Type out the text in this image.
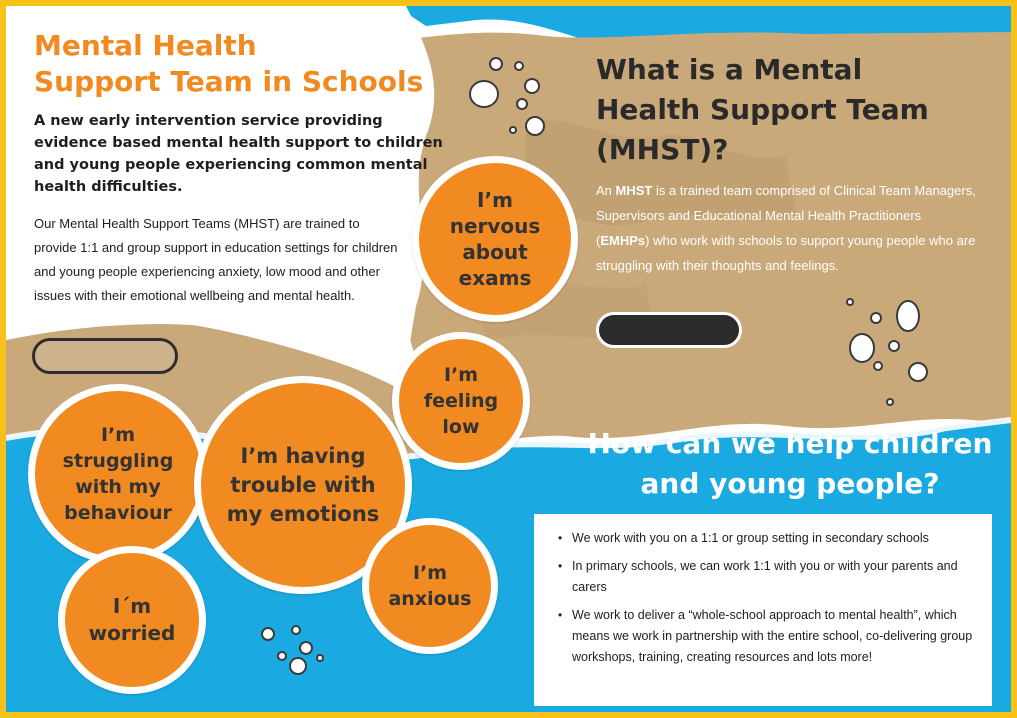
Mental Health
Support Team in Schools

A new early intervention service providing evidence based mental health support to children and young people experiencing common mental health difficulties.

Our Mental Health Support Teams (MHST) are trained to provide 1:1 and group support in education settings for children and young people experiencing anxiety, low mood and other issues with their emotional wellbeing and mental health.

What is a Mental
Health Support Team
(MHST)?

An MHST is a trained team comprised of Clinical Team Managers, Supervisors and Educational Mental Health Practitioners (EMHPs) who work with schools to support young people who are struggling with their thoughts and feelings.

How can we help children
and young people?
• We work with you on a 1:1 or group setting in secondary schools
• In primary schools, we can work 1:1 with you or with your parents and carers
• We work to deliver a “whole-school approach to mental health”, which means we work in partnership with the entire school, co-delivering group workshops, training, creating resources and lots more!
I’m
nervous
about
exams
I’m
feeling
low
I’m
struggling
with my
behaviour
I’m having
trouble with
my emotions
I’m
anxious
I´m
worried
